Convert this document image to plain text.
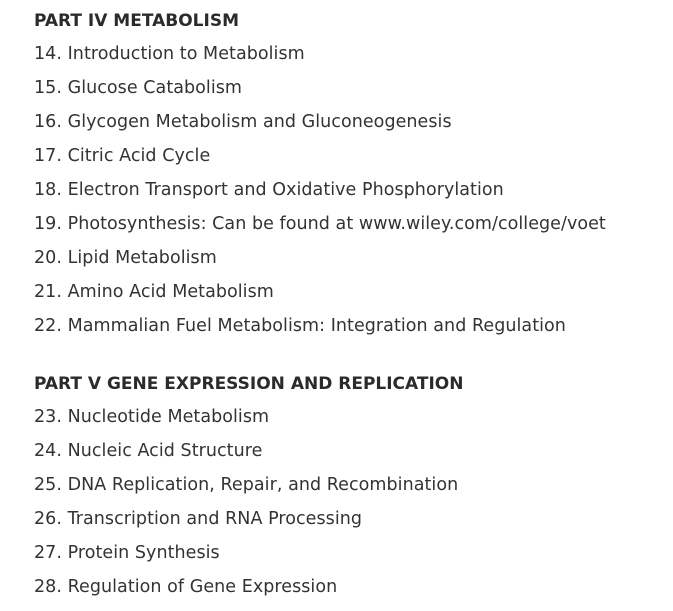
PART IV METABOLISM
14. Introduction to Metabolism
15. Glucose Catabolism
16. Glycogen Metabolism and Gluconeogenesis
17. Citric Acid Cycle
18. Electron Transport and Oxidative Phosphorylation
19. Photosynthesis: Can be found at www.wiley.com/college/voet
20. Lipid Metabolism
21. Amino Acid Metabolism
22. Mammalian Fuel Metabolism: Integration and Regulation
PART V GENE EXPRESSION AND REPLICATION
23. Nucleotide Metabolism
24. Nucleic Acid Structure
25. DNA Replication, Repair, and Recombination
26. Transcription and RNA Processing
27. Protein Synthesis
28. Regulation of Gene Expression
